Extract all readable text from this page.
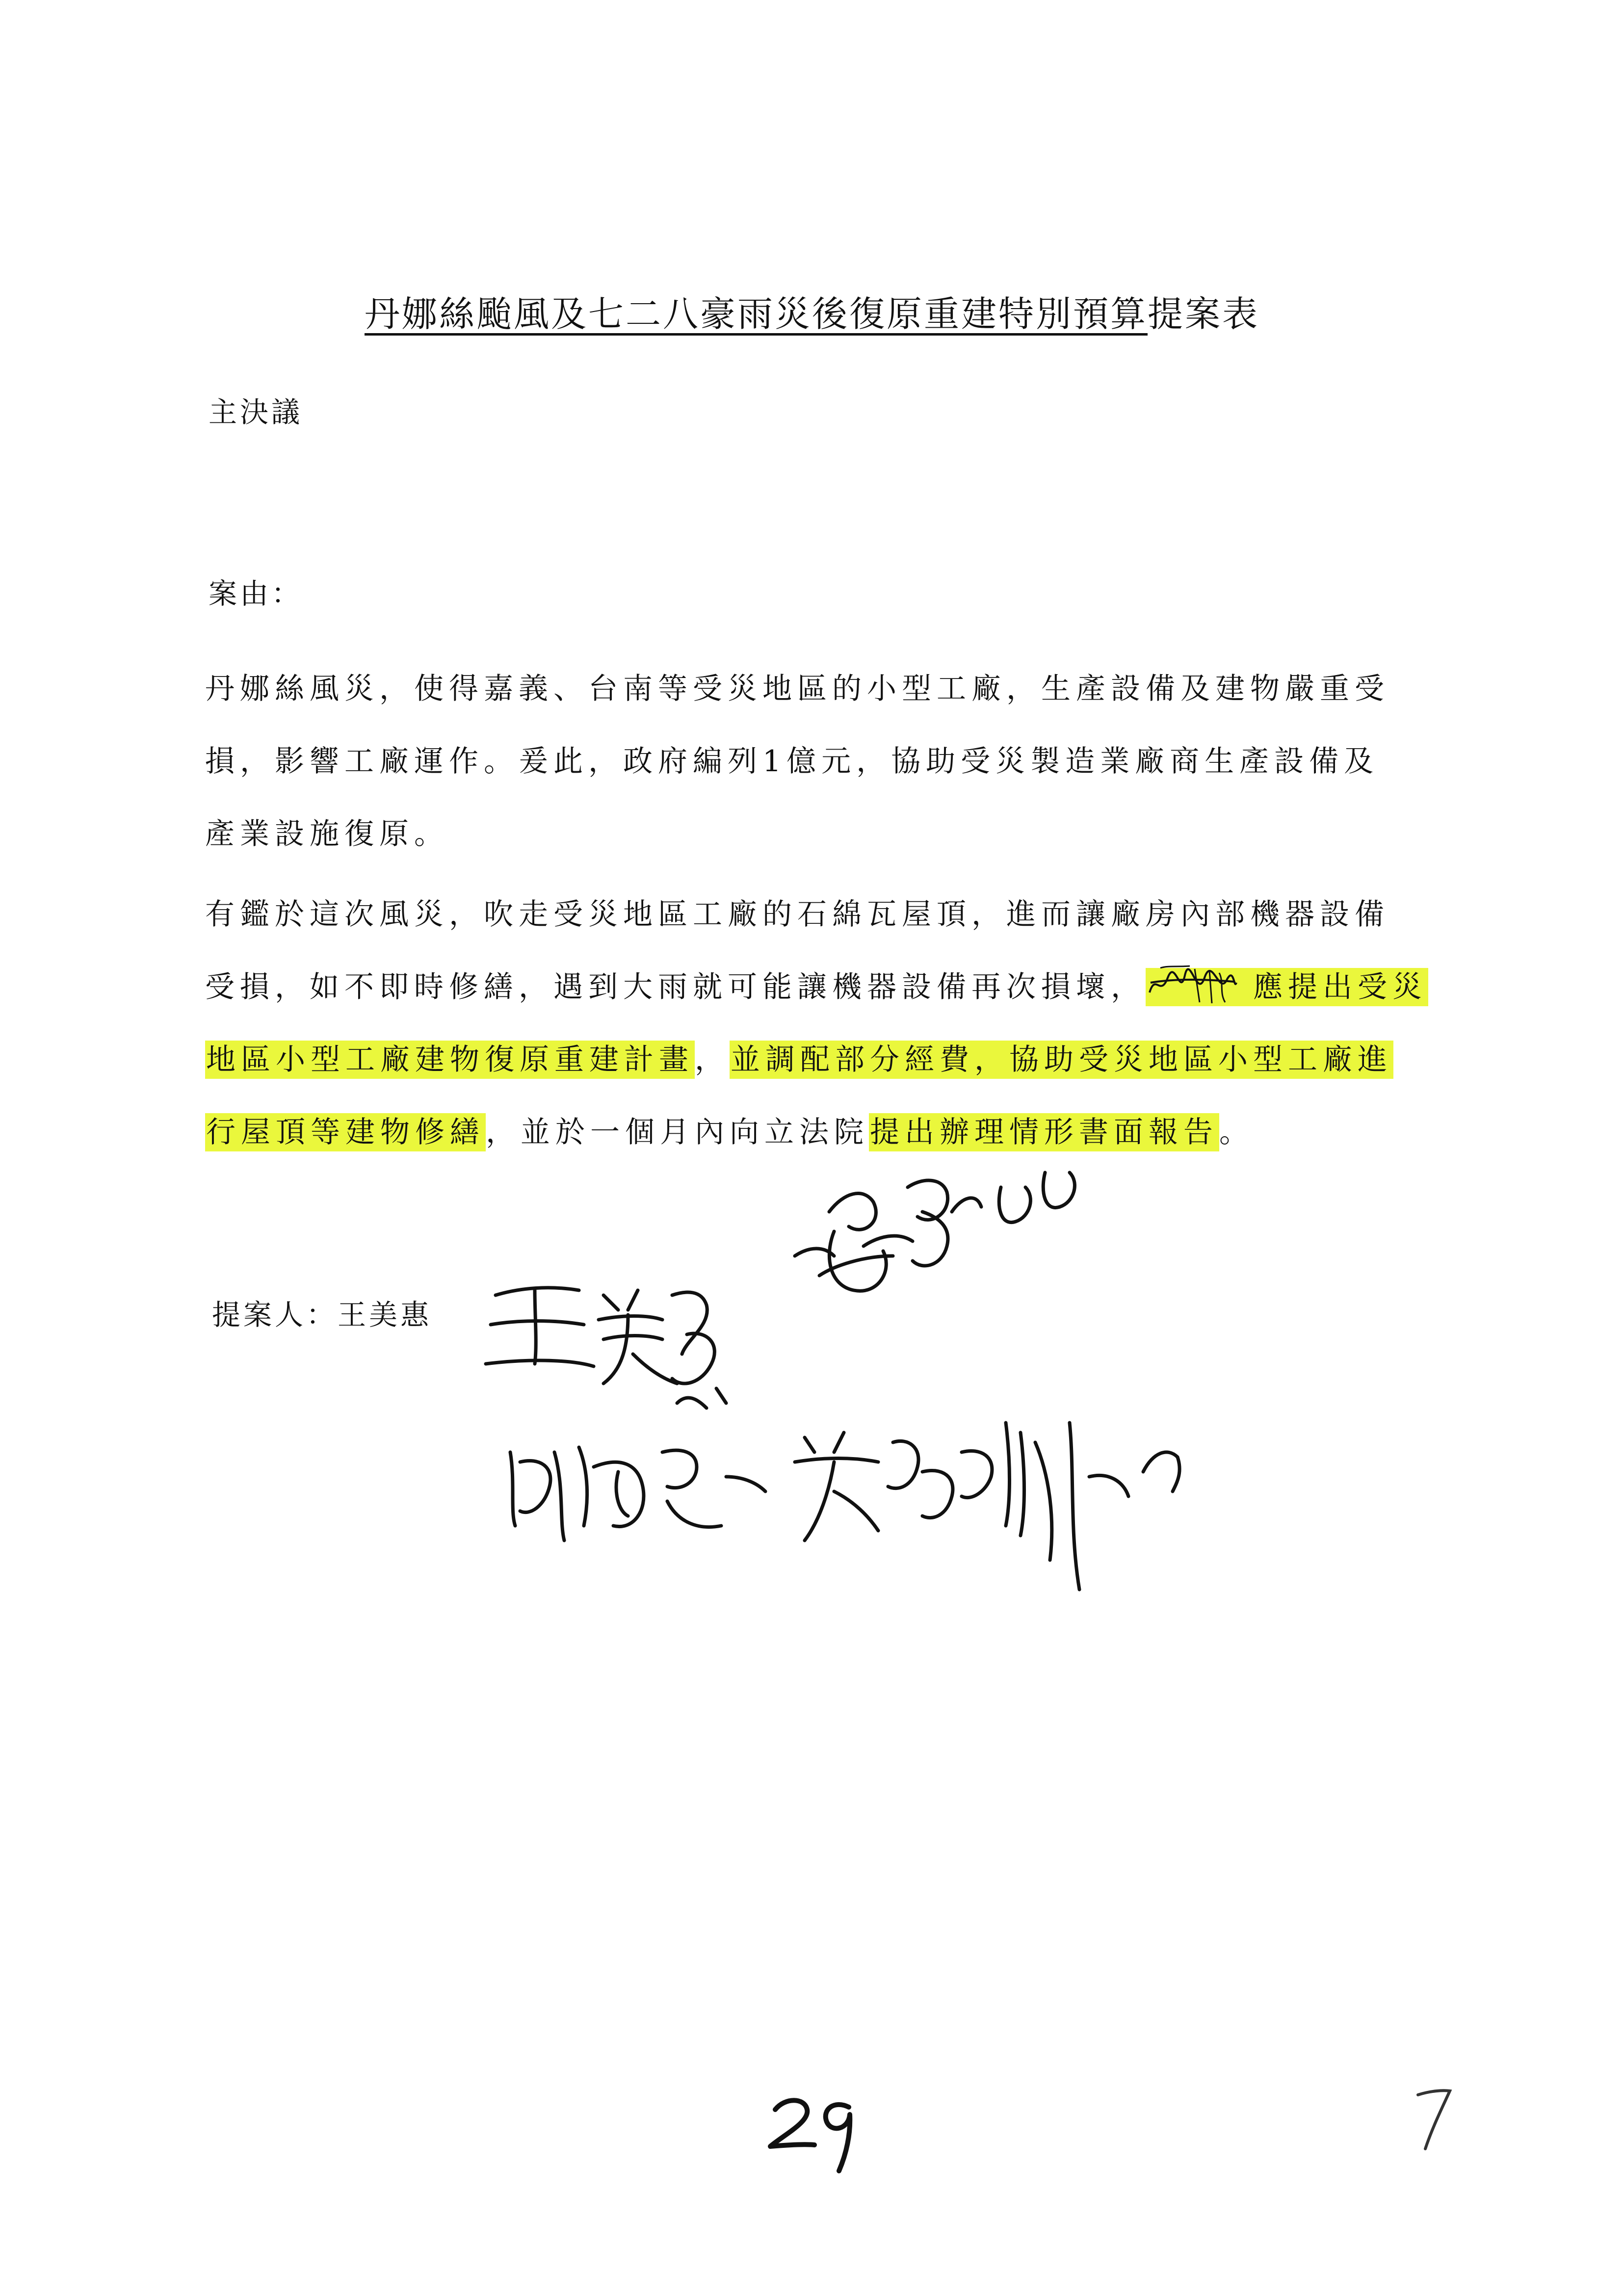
丹娜絲颱風及七二八豪雨災後復原重建特別預算提案表
主決議
案由：
丹娜絲風災，使得嘉義、台南等受災地區的小型工廠，生產設備及建物嚴重受
損，影響工廠運作。爰此，政府編列1億元，協助受災製造業廠商生產設備及
產業設施復原。
有鑑於這次風災，吹走受災地區工廠的石綿瓦屋頂，進而讓廠房內部機器設備
受損，如不即時修繕，遇到大雨就可能讓機器設備再次損壞，	應提出受災
地區小型工廠建物復原重建計畫，並調配部分經費，協助受災地區小型工廠進
行屋頂等建物修繕，並於一個月內向立法院提出辦理情形書面報告。
提案人：王美惠
